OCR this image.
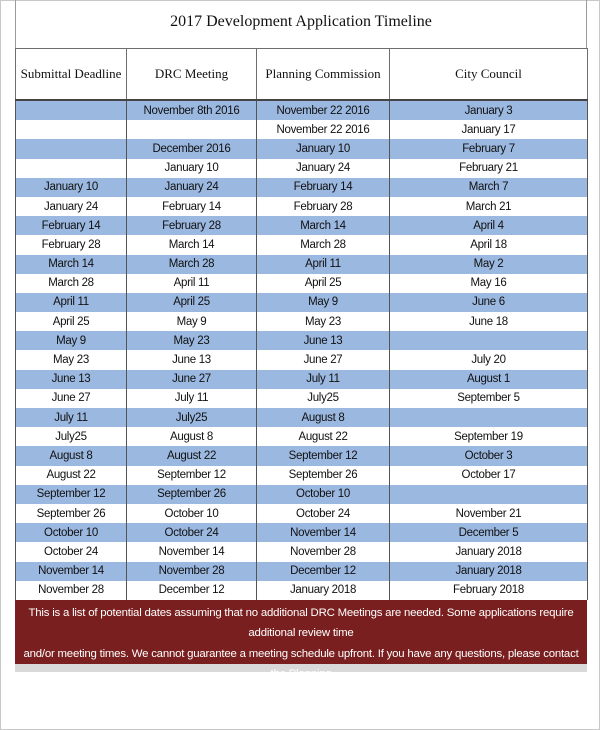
2017 Development Application Timeline
Submittal Deadline	DRC Meeting	Planning Commission	City Council
	November 8th 2016	November 22 2016	January 3
		November 22 2016	January 17
	December 2016	January 10	February 7
	January 10	January 24	February 21
January 10	January 24	February 14	March 7
January 24	February 14	February 28	March 21
February 14	February 28	March 14	April 4
February 28	March 14	March 28	April 18
March 14	March 28	April 11	May 2
March 28	April 11	April 25	May 16
April 11	April 25	May 9	June 6
April 25	May 9	May 23	June 18
May 9	May 23	June 13	
May 23	June 13	June 27	July 20
June 13	June 27	July 11	August 1
June 27	July 11	July25	September 5
July 11	July25	August 8	
July25	August 8	August 22	September 19
August 8	August 22	September 12	October 3
August 22	September 12	September 26	October 17
September 12	September 26	October 10	
September 26	October 10	October 24	November 21
October 10	October 24	November 14	December 5
October 24	November 14	November 28	January 2018
November 14	November 28	December 12	January 2018
November 28	December 12	January 2018	February 2018
This is a list of potential dates assuming that no additional DRC Meetings are needed. Some applications require additional review time
and/or meeting times. We cannot guarantee a meeting schedule upfront. If you have any questions, please contact the Planning
Department at (801) 789-6617
